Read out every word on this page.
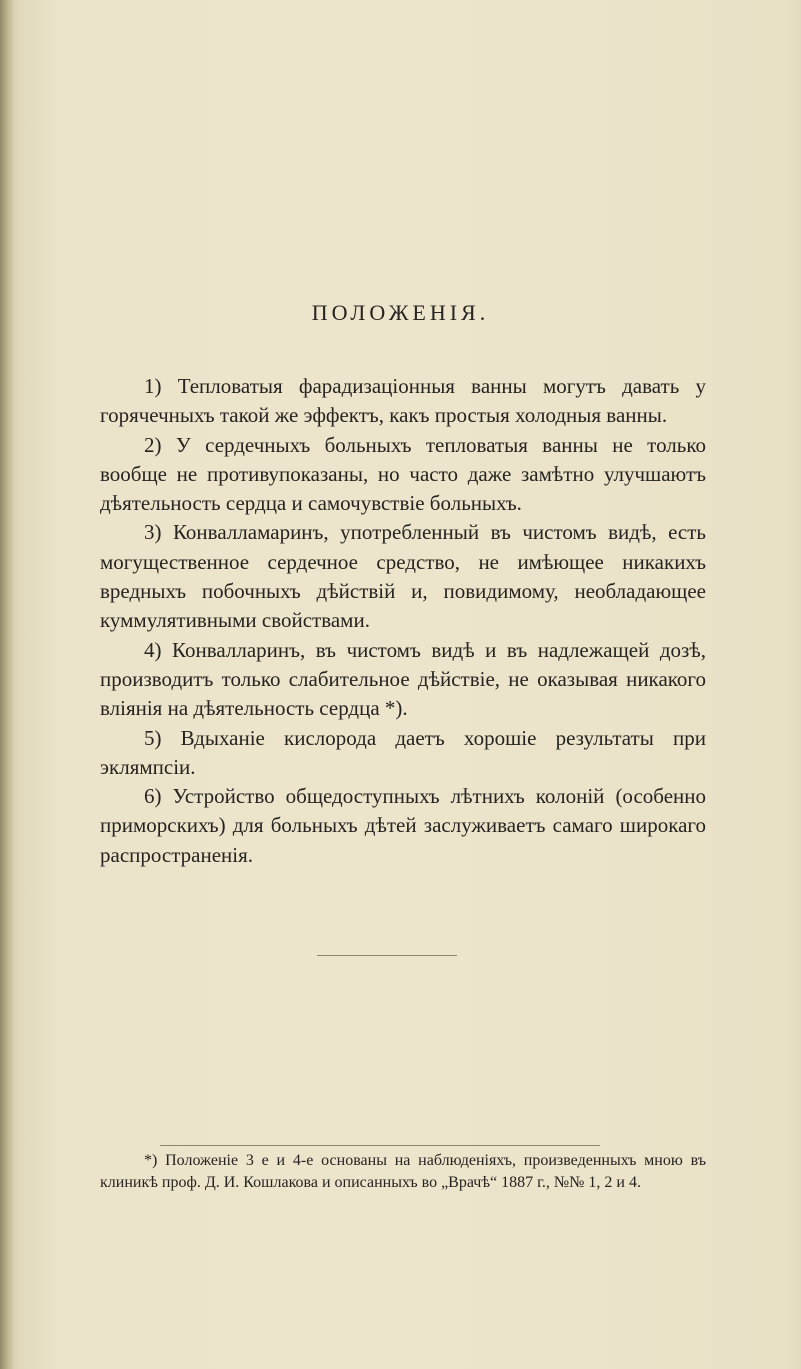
ПОЛОЖЕНІЯ.

1) Тепловатыя фарадизаціонныя ванны могутъ давать у горячечныхъ такой же эффектъ, какъ простыя холодныя ванны.

2) У сердечныхъ больныхъ тепловатыя ванны не только вообще не противупоказаны, но часто даже замѣтно улучшаютъ дѣятельность сердца и самочувствіе больныхъ.

3) Конвалламаринъ, употребленный въ чистомъ видѣ, есть могущественное сердечное средство, не имѣющее никакихъ вредныхъ побочныхъ дѣйствій и, повидимому, необладающее куммулятивными свойствами.

4) Конвалларинъ, въ чистомъ видѣ и въ надлежащей дозѣ, производитъ только слабительное дѣйствіе, не оказывая никакого вліянія на дѣятельность сердца *).

5) Вдыханіе кислорода даетъ хорошіе результаты при эклямпсіи.

6) Устройство общедоступныхъ лѣтнихъ колоній (особенно приморскихъ) для больныхъ дѣтей заслуживаетъ самаго широкаго распространенія.

*) Положеніе 3 е и 4-е основаны на наблюденіяхъ, произведенныхъ мною въ клиникѣ проф. Д. И. Кошлакова и описанныхъ во „Врачѣ“ 1887 г., №№ 1, 2 и 4.
